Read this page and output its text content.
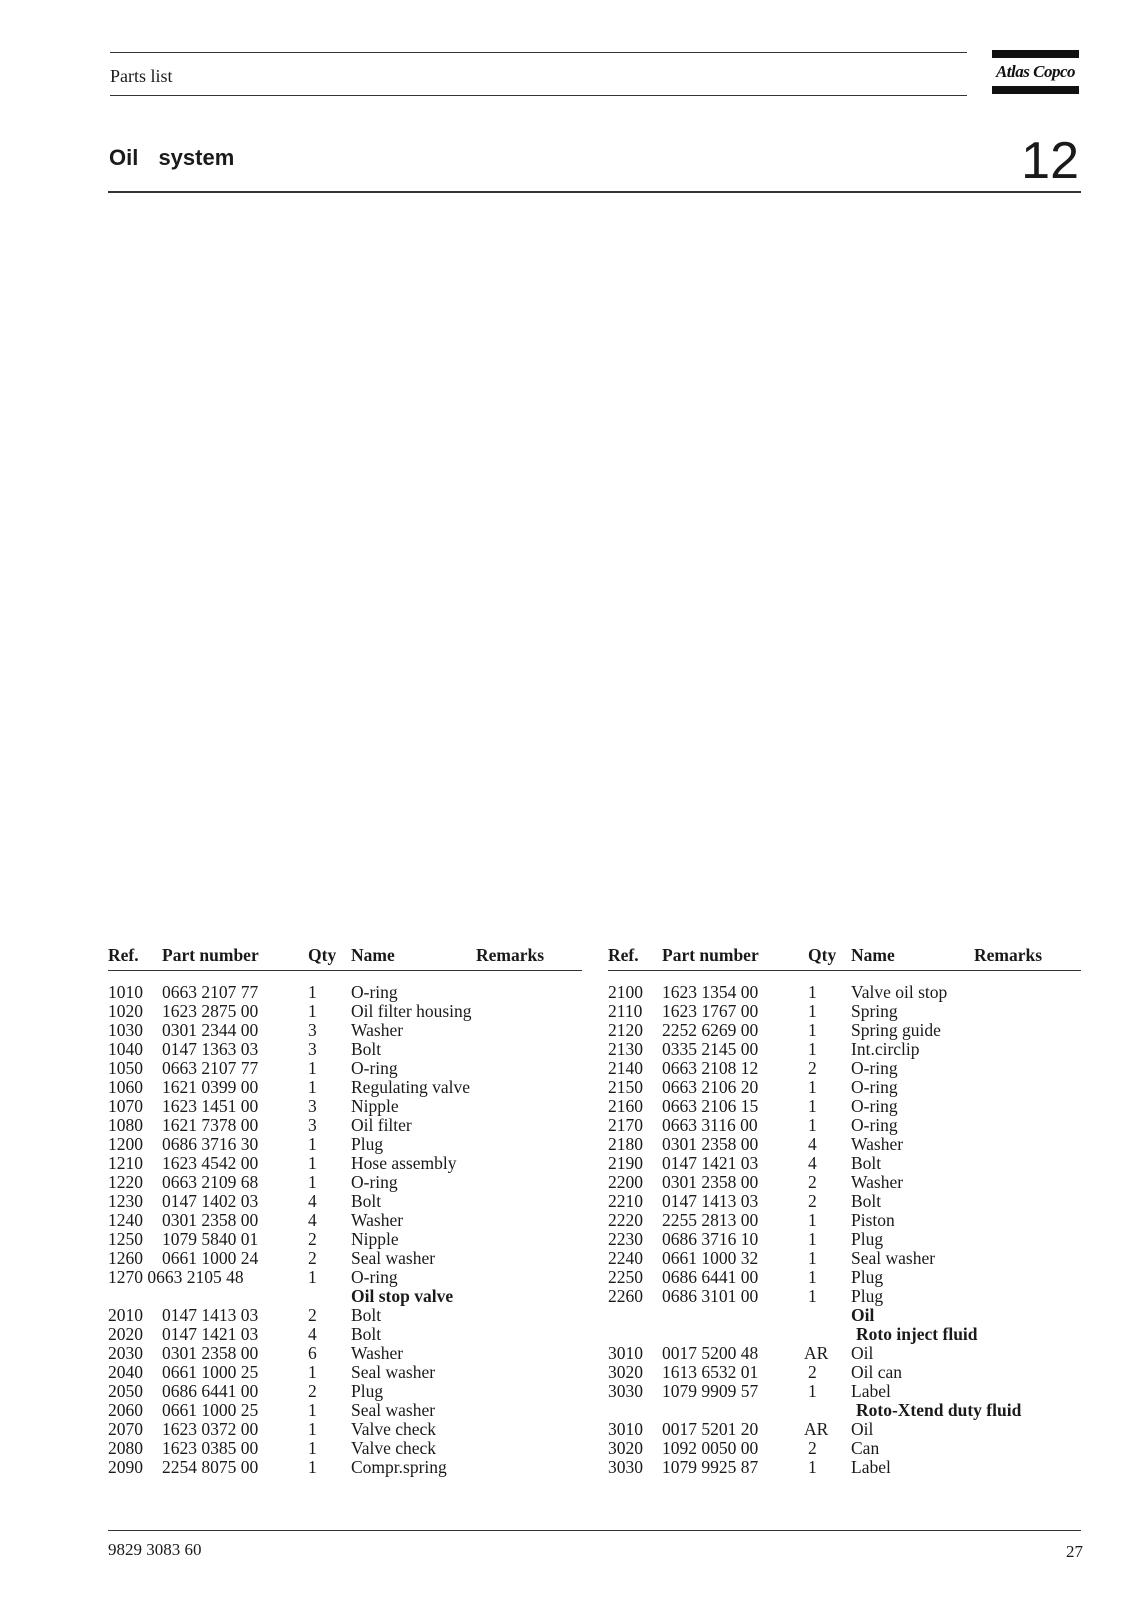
Parts list	Atlas Copco
Oil system	12
Ref. Part number	Qty Name	Remarks
1010 0663 2107 77	1 O-ring
1020 1623 2875 00	1 Oil filter housing
1030 0301 2344 00	3 Washer
1040 0147 1363 03	3 Bolt
1050 0663 2107 77	1 O-ring
1060 1621 0399 00	1 Regulating valve
1070 1623 1451 00	3 Nipple
1080 1621 7378 00	3 Oil filter
1200 0686 3716 30	1 Plug
1210 1623 4542 00	1 Hose assembly
1220 0663 2109 68	1 O-ring
1230 0147 1402 03	4 Bolt
1240 0301 2358 00	4 Washer
1250 1079 5840 01	2 Nipple
1260 0661 1000 24	2 Seal washer
1270 0663 2105 48	1 O-ring
Oil stop valve
2010 0147 1413 03	2 Bolt
2020 0147 1421 03	4 Bolt
2030 0301 2358 00	6 Washer
2040 0661 1000 25	1 Seal washer
2050 0686 6441 00	2 Plug
2060 0661 1000 25	1 Seal washer
2070 1623 0372 00	1 Valve check
2080 1623 0385 00	1 Valve check
2090 2254 8075 00	1 Compr.spring
Ref. Part number	Qty Name	Remarks
2100 1623 1354 00	1 Valve oil stop
2110 1623 1767 00	1 Spring
2120 2252 6269 00	1 Spring guide
2130 0335 2145 00	1 Int.circlip
2140 0663 2108 12	2 O-ring
2150 0663 2106 20	1 O-ring
2160 0663 2106 15	1 O-ring
2170 0663 3116 00	1 O-ring
2180 0301 2358 00	4 Washer
2190 0147 1421 03	4 Bolt
2200 0301 2358 00	2 Washer
2210 0147 1413 03	2 Bolt
2220 2255 2813 00	1 Piston
2230 0686 3716 10	1 Plug
2240 0661 1000 32	1 Seal washer
2250 0686 6441 00	1 Plug
2260 0686 3101 00	1 Plug
Oil
Roto inject fluid
3010 0017 5200 48	AR Oil
3020 1613 6532 01	2 Oil can
3030 1079 9909 57	1 Label
Roto-Xtend duty fluid
3010 0017 5201 20	AR Oil
3020 1092 0050 00	2 Can
3030 1079 9925 87	1 Label
9829 3083 60	27
